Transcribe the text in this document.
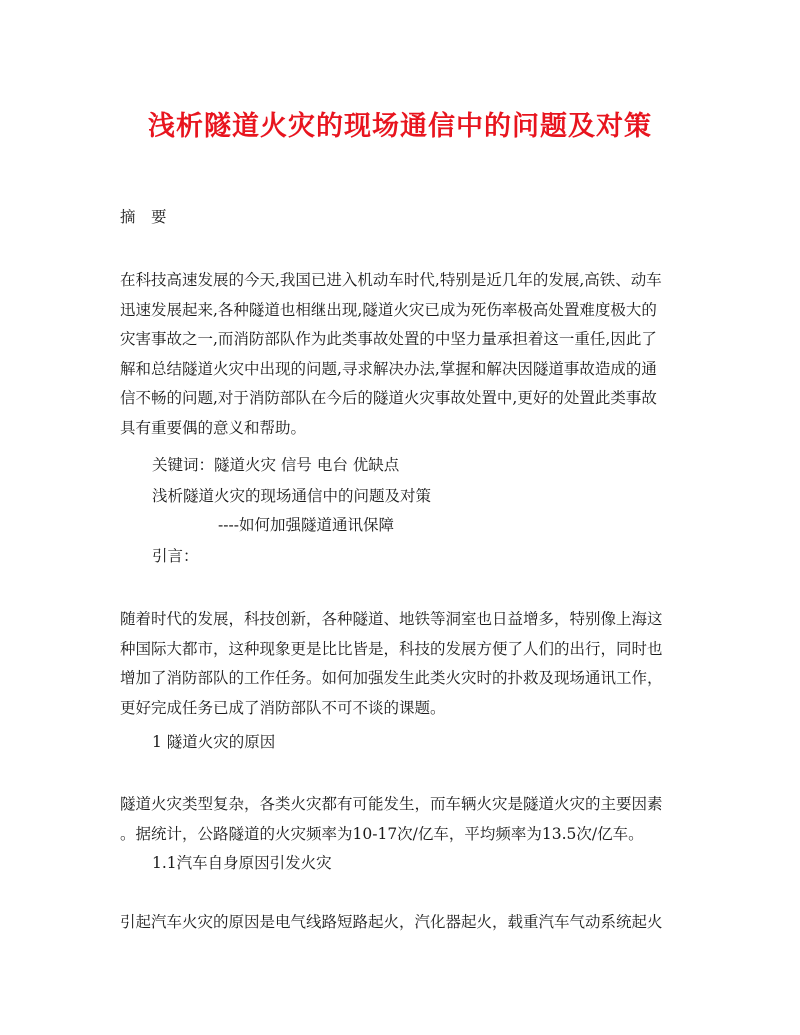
浅析隧道火灾的现场通信中的问题及对策
摘　要

在科技高速发展的今天,我国已进入机动车时代,特别是近几年的发展,高铁、动车

迅速发展起来,各种隧道也相继出现,隧道火灾已成为死伤率极高处置难度极大的

灾害事故之一,而消防部队作为此类事故处置的中坚力量承担着这一重任,因此了

解和总结隧道火灾中出现的问题,寻求解决办法,掌握和解决因隧道事故造成的通

信不畅的问题,对于消防部队在今后的隧道火灾事故处置中,更好的处置此类事故

具有重要偶的意义和帮助。

关键词：隧道火灾 信号 电台 优缺点
浅析隧道火灾的现场通信中的问题及对策
----如何加强隧道通讯保障
引言：

随着时代的发展，科技创新，各种隧道、地铁等洞室也日益增多，特别像上海这

种国际大都市，这种现象更是比比皆是，科技的发展方便了人们的出行，同时也

增加了消防部队的工作任务。如何加强发生此类火灾时的扑救及现场通讯工作，

更好完成任务已成了消防部队不可不谈的课题。

1 隧道火灾的原因

隧道火灾类型复杂，各类火灾都有可能发生，而车辆火灾是隧道火灾的主要因素

。据统计，公路隧道的火灾频率为10-17次/亿车，平均频率为13.5次/亿车。

1.1汽车自身原因引发火灾
引起汽车火灾的原因是电气线路短路起火，汽化器起火，载重汽车气动系统起火
